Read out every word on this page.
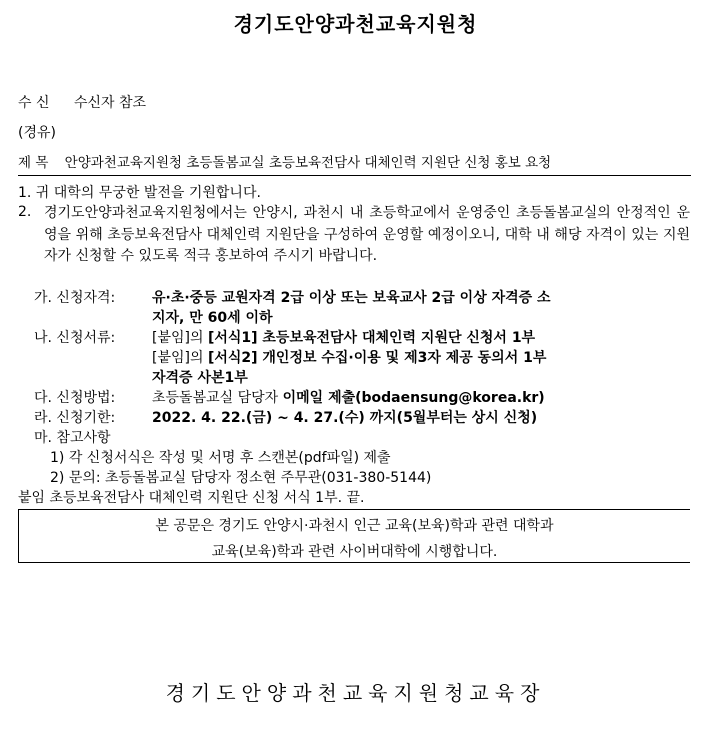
경기도안양과천교육지원청
수 신 수신자 참조
(경유)
제 목 안양과천교육지원청 초등돌봄교실 초등보육전담사 대체인력 지원단 신청 홍보 요청
1. 귀 대학의 무궁한 발전을 기원합니다.
2. 경기도안양과천교육지원청에서는 안양시, 과천시 내 초등학교에서 운영중인 초등돌봄교실의 안정적인 운영을 위해 초등보육전담사 대체인력 지원단을 구성하여 운영할 예정이오니, 대학 내 해당 자격이 있는 지원자가 신청할 수 있도록 적극 홍보하여 주시기 바랍니다.
가. 신청자격:	유·초·중등 교원자격 2급 이상 또는 보육교사 2급 이상 자격증 소
지자, 만 60세 이하
나. 신청서류:	[붙임]의 [서식1] 초등보육전담사 대체인력 지원단 신청서 1부
[붙임]의 [서식2] 개인정보 수집·이용 및 제3자 제공 동의서 1부
자격증 사본1부
다. 신청방법:	초등돌봄교실 담당자 이메일 제출(bodaensung@korea.kr)
라. 신청기한:	2022. 4. 22.(금) ~ 4. 27.(수) 까지(5월부터는 상시 신청)
마. 참고사항
1) 각 신청서식은 작성 및 서명 후 스캔본(pdf파일) 제출
2) 문의: 초등돌봄교실 담당자 정소현 주무관(031-380-5144)
붙임 초등보육전담사 대체인력 지원단 신청 서식 1부. 끝.
본 공문은 경기도 안양시·과천시 인근 교육(보육)학과 관련 대학과
교육(보육)학과 관련 사이버대학에 시행합니다.
경기도안양과천교육지원청교육장
